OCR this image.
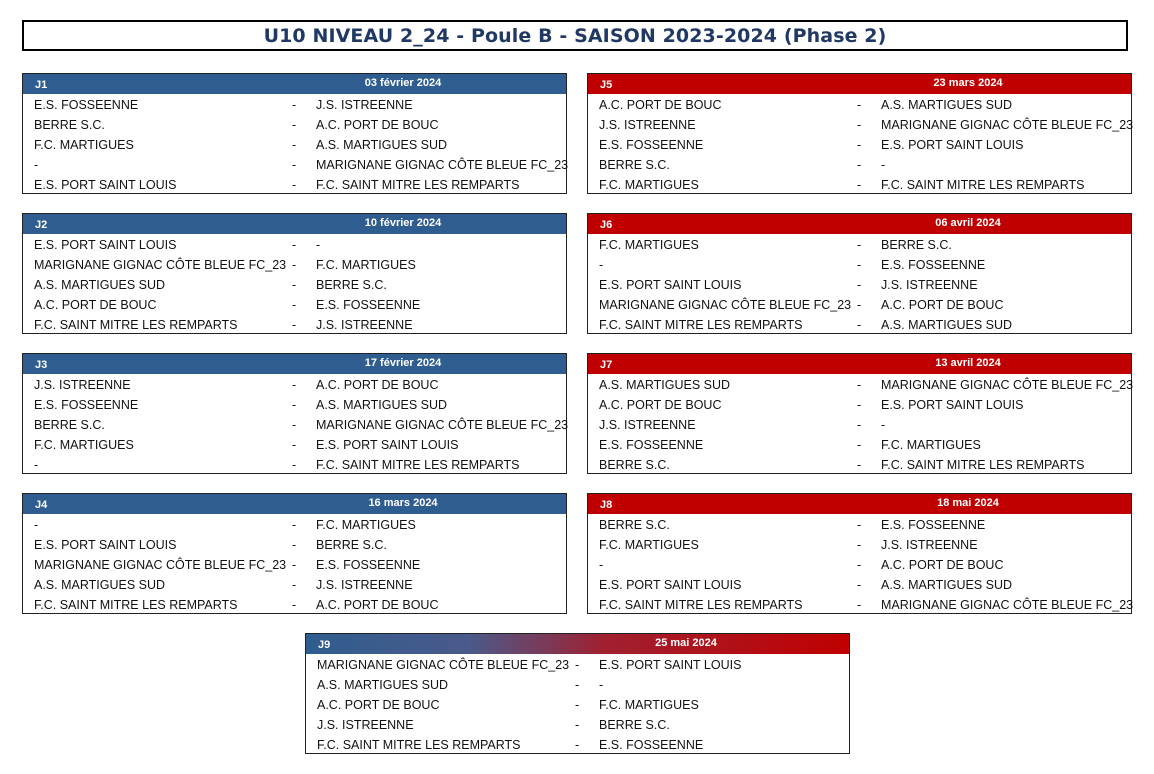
U10 NIVEAU 2_24 - Poule B - SAISON 2023-2024 (Phase 2)
J1	03 février 2024
E.S. FOSSEENNE	- J.S. ISTREENNE
BERRE S.C.	- A.C. PORT DE BOUC
F.C. MARTIGUES	- A.S. MARTIGUES SUD
-	- MARIGNANE GIGNAC CÔTE BLEUE FC_23
E.S. PORT SAINT LOUIS	- F.C. SAINT MITRE LES REMPARTS
J5	23 mars 2024
A.C. PORT DE BOUC	- A.S. MARTIGUES SUD
J.S. ISTREENNE	- MARIGNANE GIGNAC CÔTE BLEUE FC_23
E.S. FOSSEENNE	- E.S. PORT SAINT LOUIS
BERRE S.C.	- -
F.C. MARTIGUES	- F.C. SAINT MITRE LES REMPARTS
J2	10 février 2024
E.S. PORT SAINT LOUIS	- -
MARIGNANE GIGNAC CÔTE BLEUE FC_23 - F.C. MARTIGUES
A.S. MARTIGUES SUD	- BERRE S.C.
A.C. PORT DE BOUC	- E.S. FOSSEENNE
F.C. SAINT MITRE LES REMPARTS	- J.S. ISTREENNE
J6	06 avril 2024
F.C. MARTIGUES	- BERRE S.C.
-	- E.S. FOSSEENNE
E.S. PORT SAINT LOUIS	- J.S. ISTREENNE
MARIGNANE GIGNAC CÔTE BLEUE FC_23 - A.C. PORT DE BOUC
F.C. SAINT MITRE LES REMPARTS	- A.S. MARTIGUES SUD
J3	17 février 2024
J.S. ISTREENNE	- A.C. PORT DE BOUC
E.S. FOSSEENNE	- A.S. MARTIGUES SUD
BERRE S.C.	- MARIGNANE GIGNAC CÔTE BLEUE FC_23
F.C. MARTIGUES	- E.S. PORT SAINT LOUIS
-	- F.C. SAINT MITRE LES REMPARTS
J7	13 avril 2024
A.S. MARTIGUES SUD	- MARIGNANE GIGNAC CÔTE BLEUE FC_23
A.C. PORT DE BOUC	- E.S. PORT SAINT LOUIS
J.S. ISTREENNE	- -
E.S. FOSSEENNE	- F.C. MARTIGUES
BERRE S.C.	- F.C. SAINT MITRE LES REMPARTS
J4	16 mars 2024
-	- F.C. MARTIGUES
E.S. PORT SAINT LOUIS	- BERRE S.C.
MARIGNANE GIGNAC CÔTE BLEUE FC_23 - E.S. FOSSEENNE
A.S. MARTIGUES SUD	- J.S. ISTREENNE
F.C. SAINT MITRE LES REMPARTS	- A.C. PORT DE BOUC
J8	18 mai 2024
BERRE S.C.	- E.S. FOSSEENNE
F.C. MARTIGUES	- J.S. ISTREENNE
-	- A.C. PORT DE BOUC
E.S. PORT SAINT LOUIS	- A.S. MARTIGUES SUD
F.C. SAINT MITRE LES REMPARTS	- MARIGNANE GIGNAC CÔTE BLEUE FC_23
J9	25 mai 2024
MARIGNANE GIGNAC CÔTE BLEUE FC_23 - E.S. PORT SAINT LOUIS
A.S. MARTIGUES SUD	- -
A.C. PORT DE BOUC	- F.C. MARTIGUES
J.S. ISTREENNE	- BERRE S.C.
F.C. SAINT MITRE LES REMPARTS	- E.S. FOSSEENNE
